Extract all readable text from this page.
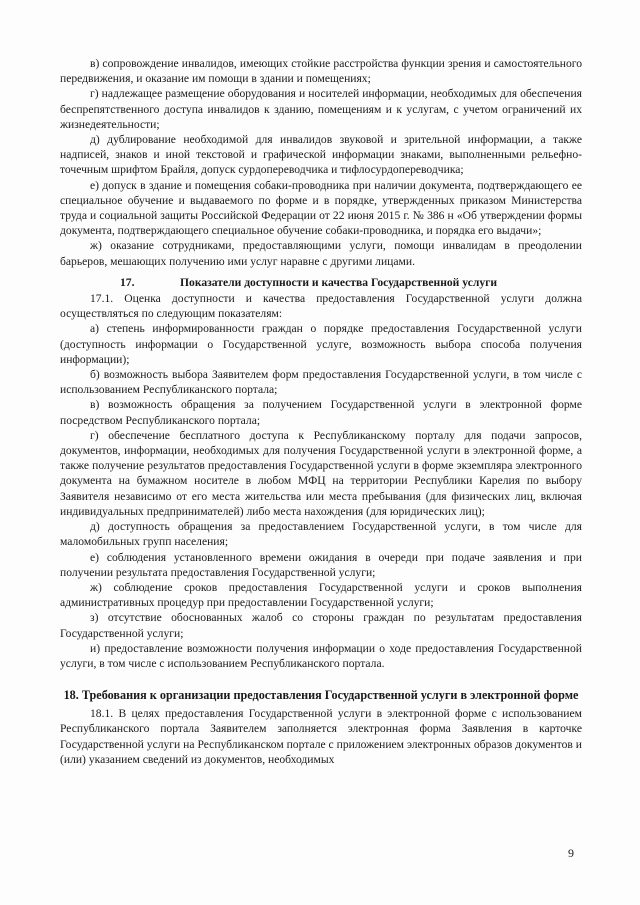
в) сопровождение инвалидов, имеющих стойкие расстройства функции зрения и самостоятельного передвижения, и оказание им помощи в здании и помещениях;

г) надлежащее размещение оборудования и носителей информации, необходимых для обеспечения беспрепятственного доступа инвалидов к зданию, помещениям и к услугам, с учетом ограничений их жизнедеятельности;

д) дублирование необходимой для инвалидов звуковой и зрительной информации, а также надписей, знаков и иной текстовой и графической информации знаками, выполненными рельефно-точечным шрифтом Брайля, допуск сурдопереводчика и тифлосурдопереводчика;

е) допуск в здание и помещения собаки-проводника при наличии документа, подтверждающего ее специальное обучение и выдаваемого по форме и в порядке, утвержденных приказом Министерства труда и социальной защиты Российской Федерации от 22 июня 2015 г. № 386 н «Об утверждении формы документа, подтверждающего специальное обучение собаки-проводника, и порядка его выдачи»;

ж) оказание сотрудниками, предоставляющими услуги, помощи инвалидам в преодолении барьеров, мешающих получению ими услуг наравне с другими лицами.

17.	Показатели доступности и качества Государственной услуги

17.1. Оценка доступности и качества предоставления Государственной услуги должна осуществляться по следующим показателям:

а) степень информированности граждан о порядке предоставления Государственной услуги (доступность информации о Государственной услуге, возможность выбора способа получения информации);

б) возможность выбора Заявителем форм предоставления Государственной услуги, в том числе с использованием Республиканского портала;

в) возможность обращения за получением Государственной услуги в электронной форме посредством Республиканского портала;

г) обеспечение бесплатного доступа к Республиканскому порталу для подачи запросов, документов, информации, необходимых для получения Государственной услуги в электронной форме, а также получение результатов предоставления Государственной услуги в форме экземпляра электронного документа на бумажном носителе в любом МФЦ на территории Республики Карелия по выбору Заявителя независимо от его места жительства или места пребывания (для физических лиц, включая индивидуальных предпринимателей) либо места нахождения (для юридических лиц);

д) доступность обращения за предоставлением Государственной услуги, в том числе для маломобильных групп населения;

е) соблюдения установленного времени ожидания в очереди при подаче заявления и при получении результата предоставления Государственной услуги;

ж) соблюдение сроков предоставления Государственной услуги и сроков выполнения административных процедур при предоставлении Государственной услуги;

з) отсутствие обоснованных жалоб со стороны граждан по результатам предоставления Государственной услуги;

и) предоставление возможности получения информации о ходе предоставления Государственной услуги, в том числе с использованием Республиканского портала.

18. Требования к организации предоставления Государственной услуги в электронной форме

18.1. В целях предоставления Государственной услуги в электронной форме с использованием Республиканского портала Заявителем заполняется электронная форма Заявления в карточке Государственной услуги на Республиканском портале с приложением электронных образов документов и (или) указанием сведений из документов, необходимых

9
